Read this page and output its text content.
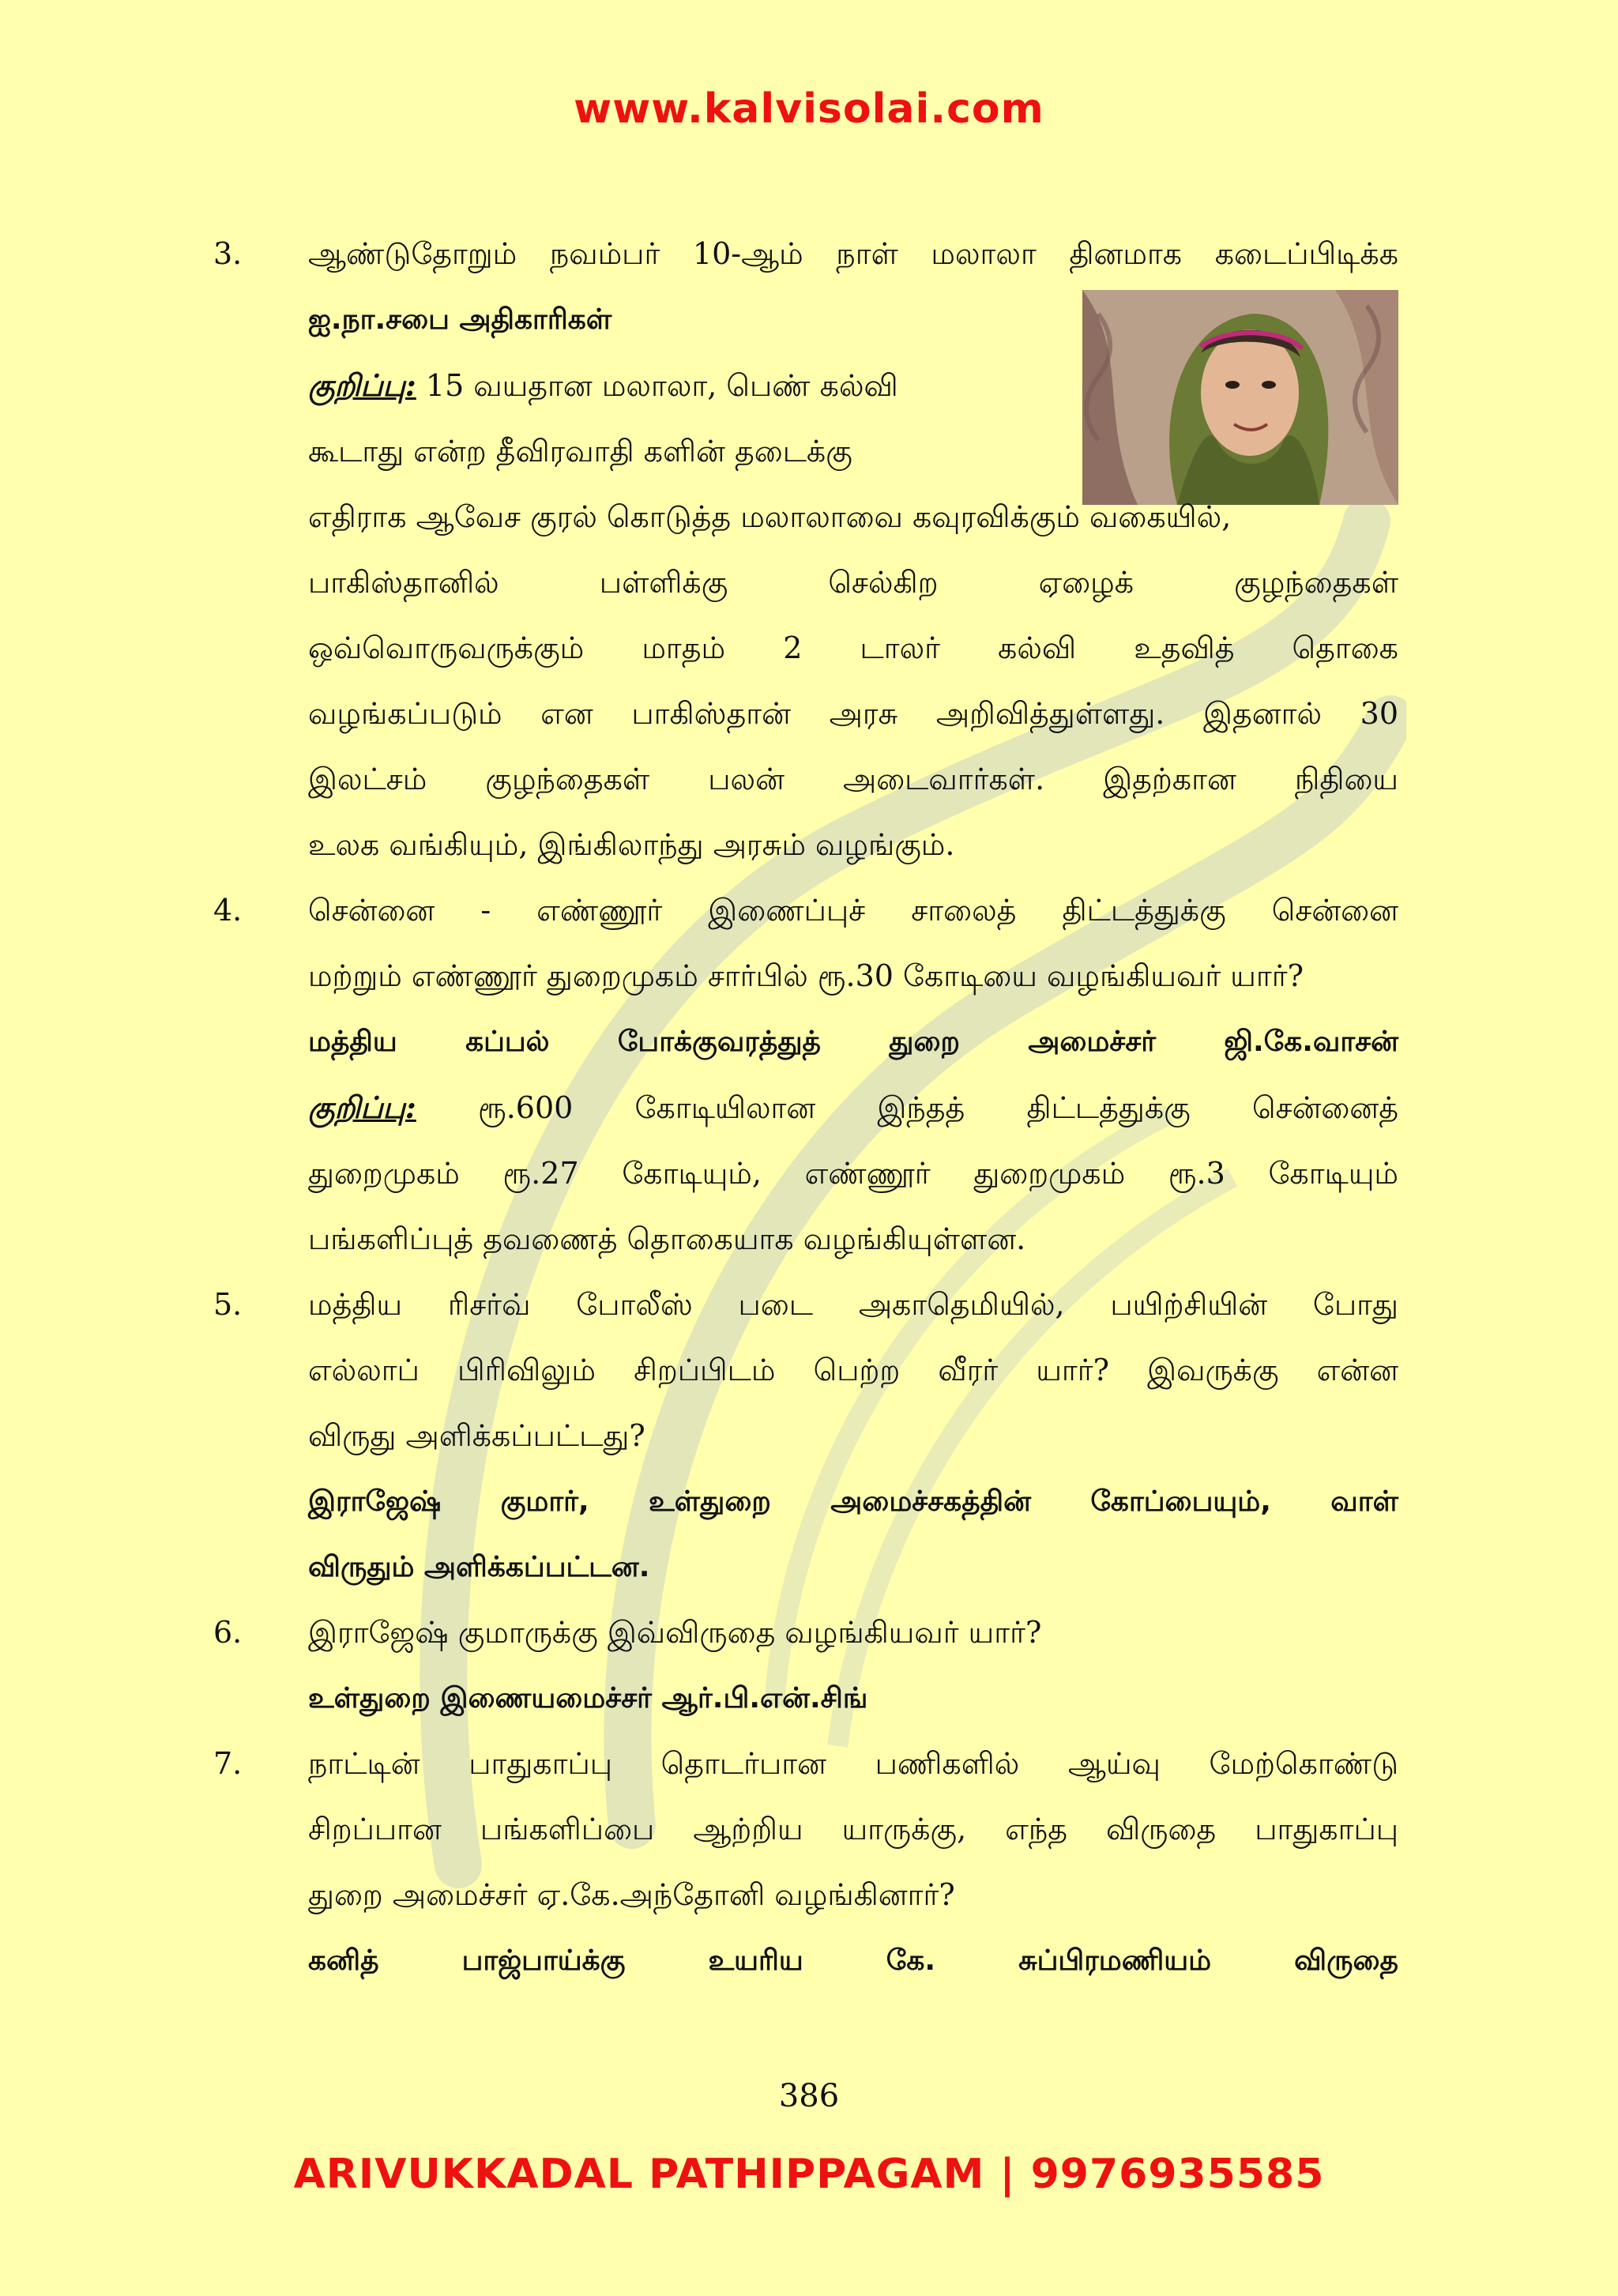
www.kalvisolai.com
3. ஆண்டுதோறும் நவம்பர் 10-ஆம் நாள் மலாலா தினமாக கடைப்பிடிக்க
ஐ.நா.சபை அதிகாரிகள்
குறிப்பு: 15 வயதான மலாலா, பெண் கல்வி
கூடாது என்ற தீவிரவாதி களின் தடைக்கு
எதிராக ஆவேச குரல் கொடுத்த மலாலாவை கவுரவிக்கும் வகையில்,
பாகிஸ்தானில் பள்ளிக்கு செல்கிற ஏழைக் குழந்தைகள்
ஒவ்வொருவருக்கும் மாதம் 2 டாலர் கல்வி உதவித் தொகை
வழங்கப்படும் என பாகிஸ்தான் அரசு அறிவித்துள்ளது. இதனால் 30
இலட்சம் குழந்தைகள் பலன் அடைவார்கள். இதற்கான நிதியை
உலக வங்கியும், இங்கிலாந்து அரசும் வழங்கும்.
4. சென்னை - எண்ணூர் இணைப்புச் சாலைத் திட்டத்துக்கு சென்னை
மற்றும் எண்ணூர் துறைமுகம் சார்பில் ரூ.30 கோடியை வழங்கியவர் யார்?
மத்திய கப்பல் போக்குவரத்துத் துறை அமைச்சர் ஜி.கே.வாசன்
குறிப்பு: ரூ.600 கோடியிலான இந்தத் திட்டத்துக்கு சென்னைத்
துறைமுகம் ரூ.27 கோடியும், எண்ணூர் துறைமுகம் ரூ.3 கோடியும்
பங்களிப்புத் தவணைத் தொகையாக வழங்கியுள்ளன.
5. மத்திய ரிசர்வ் போலீஸ் படை அகாதெமியில், பயிற்சியின் போது
எல்லாப் பிரிவிலும் சிறப்பிடம் பெற்ற வீரர் யார்? இவருக்கு என்ன
விருது அளிக்கப்பட்டது?
இராஜேஷ் குமார், உள்துறை அமைச்சகத்தின் கோப்பையும், வாள்
விருதும் அளிக்கப்பட்டன.
6. இராஜேஷ் குமாருக்கு இவ்விருதை வழங்கியவர் யார்?
உள்துறை இணையமைச்சர் ஆர்.பி.என்.சிங்
7. நாட்டின் பாதுகாப்பு தொடர்பான பணிகளில் ஆய்வு மேற்கொண்டு
சிறப்பான பங்களிப்பை ஆற்றிய யாருக்கு, எந்த விருதை பாதுகாப்பு
துறை அமைச்சர் ஏ.கே.அந்தோனி வழங்கினார்?
கனித் பாஜ்பாய்க்கு உயரிய கே. சுப்பிரமணியம் விருதை
386
ARIVUKKADAL PATHIPPAGAM | 9976935585
